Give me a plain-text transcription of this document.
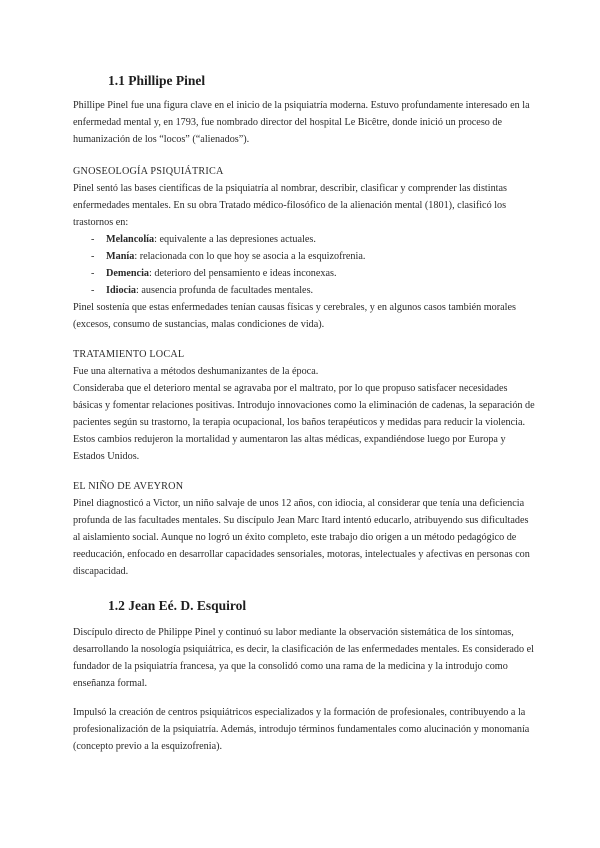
1.1 Phillipe Pinel

Phillipe Pinel fue una figura clave en el inicio de la psiquiatría moderna. Estuvo profundamente interesado en la enfermedad mental y, en 1793, fue nombrado director del hospital Le Bicêtre, donde inició un proceso de humanización de los “locos” (“alienados”).

GNOSEOLOGÍA PSIQUIÁTRICA

Pinel sentó las bases científicas de la psiquiatría al nombrar, describir, clasificar y comprender las distintas enfermedades mentales. En su obra Tratado médico-filosófico de la alienación mental (1801), clasificó los trastornos en:

- Melancolía: equivalente a las depresiones actuales.
- Manía: relacionada con lo que hoy se asocia a la esquizofrenia.
- Demencia: deterioro del pensamiento e ideas inconexas.
- Idiocia: ausencia profunda de facultades mentales.

Pinel sostenía que estas enfermedades tenían causas físicas y cerebrales, y en algunos casos también morales (excesos, consumo de sustancias, malas condiciones de vida).

TRATAMIENTO LOCAL

Fue una alternativa a métodos deshumanizantes de la época.

Consideraba que el deterioro mental se agravaba por el maltrato, por lo que propuso satisfacer necesidades básicas y fomentar relaciones positivas. Introdujo innovaciones como la eliminación de cadenas, la separación de pacientes según su trastorno, la terapia ocupacional, los baños terapéuticos y medidas para reducir la violencia. Estos cambios redujeron la mortalidad y aumentaron las altas médicas, expandiéndose luego por Europa y Estados Unidos.

EL NIÑO DE AVEYRON

Pinel diagnosticó a Victor, un niño salvaje de unos 12 años, con idiocia, al considerar que tenía una deficiencia profunda de las facultades mentales. Su discípulo Jean Marc Itard intentó educarlo, atribuyendo sus dificultades al aislamiento social. Aunque no logró un éxito completo, este trabajo dio origen a un método pedagógico de reeducación, enfocado en desarrollar capacidades sensoriales, motoras, intelectuales y afectivas en personas con discapacidad.

1.2 Jean Eé. D. Esquirol

Discípulo directo de Philippe Pinel y continuó su labor mediante la observación sistemática de los síntomas, desarrollando la nosología psiquiátrica, es decir, la clasificación de las enfermedades mentales. Es considerado el fundador de la psiquiatría francesa, ya que la consolidó como una rama de la medicina y la introdujo como enseñanza formal.

Impulsó la creación de centros psiquiátricos especializados y la formación de profesionales, contribuyendo a la profesionalización de la psiquiatría. Además, introdujo términos fundamentales como alucinación y monomanía (concepto previo a la esquizofrenia).
